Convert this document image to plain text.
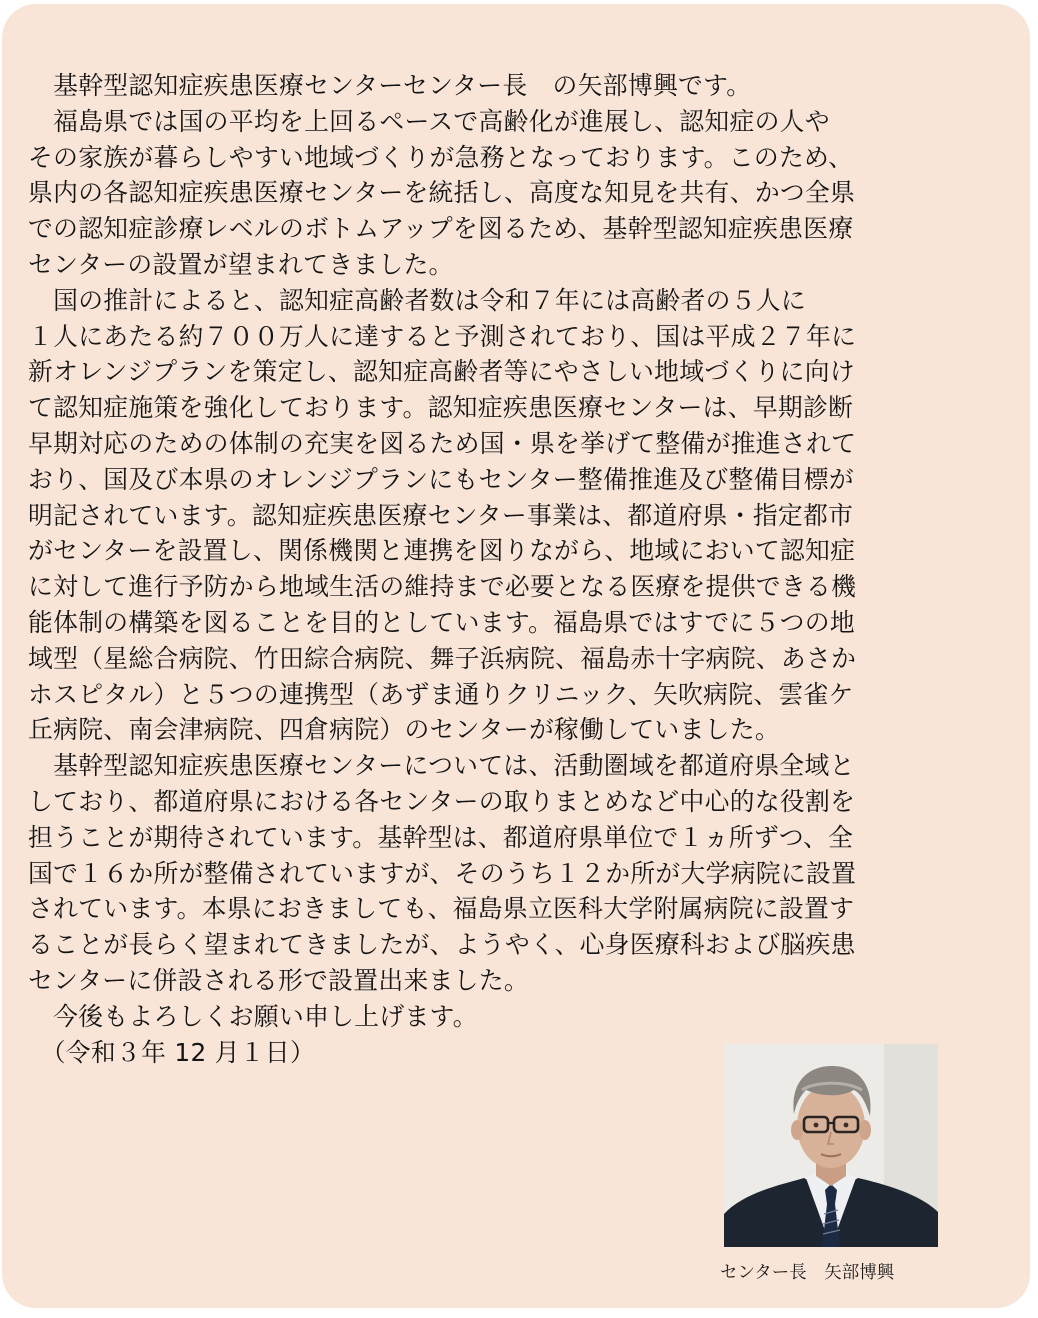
　基幹型認知症疾患医療センターセンター長　の矢部博興です。
　福島県では国の平均を上回るペースで高齢化が進展し、認知症の人や
その家族が暮らしやすい地域づくりが急務となっております。このため、
県内の各認知症疾患医療センターを統括し、高度な知見を共有、かつ全県
での認知症診療レベルのボトムアップを図るため、基幹型認知症疾患医療
センターの設置が望まれてきました。
　国の推計によると、認知症高齢者数は令和７年には高齢者の５人に
１人にあたる約７００万人に達すると予測されており、国は平成２７年に
新オレンジプランを策定し、認知症高齢者等にやさしい地域づくりに向け
て認知症施策を強化しております。認知症疾患医療センターは、早期診断
早期対応のための体制の充実を図るため国・県を挙げて整備が推進されて
おり、国及び本県のオレンジプランにもセンター整備推進及び整備目標が
明記されています。認知症疾患医療センター事業は、都道府県・指定都市
がセンターを設置し、関係機関と連携を図りながら、地域において認知症
に対して進行予防から地域生活の維持まで必要となる医療を提供できる機
能体制の構築を図ることを目的としています。福島県ではすでに５つの地
域型（星総合病院、竹田綜合病院、舞子浜病院、福島赤十字病院、あさか
ホスピタル）と５つの連携型（あずま通りクリニック、矢吹病院、雲雀ケ
丘病院、南会津病院、四倉病院）のセンターが稼働していました。
　基幹型認知症疾患医療センターについては、活動圏域を都道府県全域と
しており、都道府県における各センターの取りまとめなど中心的な役割を
担うことが期待されています。基幹型は、都道府県単位で１ヵ所ずつ、全
国で１６か所が整備されていますが、そのうち１２か所が大学病院に設置
されています。本県におきましても、福島県立医科大学附属病院に設置す
ることが長らく望まれてきましたが、ようやく、心身医療科および脳疾患
センターに併設される形で設置出来ました。
　今後もよろしくお願い申し上げます。
　（令和３年 12 月１日）
センター長　矢部博興
